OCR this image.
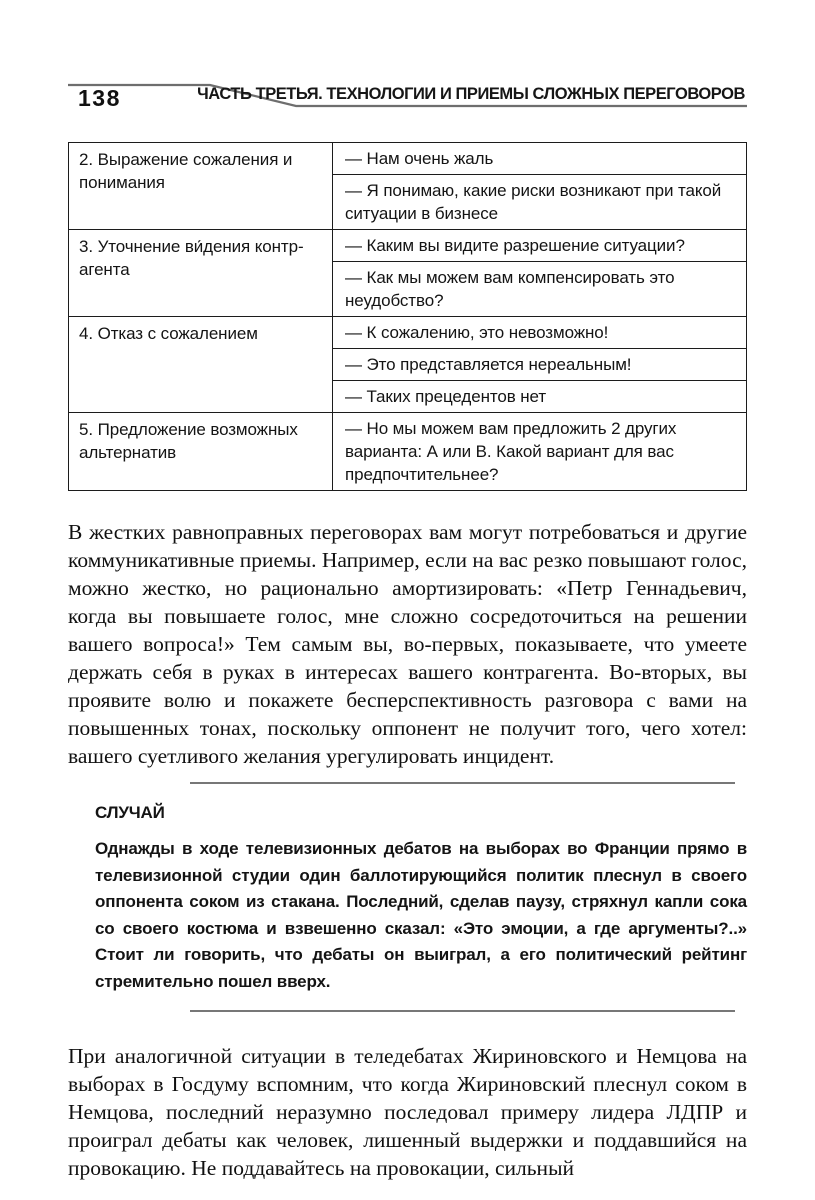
138	ЧАСТЬ ТРЕТЬЯ. ТЕХНОЛОГИИ И ПРИЕМЫ СЛОЖНЫХ ПЕРЕГОВОРОВ
2. Выражение сожаления и понимания
— Нам очень жаль
— Я понимаю, какие риски возникают при такой ситуации в бизнесе
3. Уточнение ви́дения контр-агента
— Каким вы видите разрешение ситуации?
— Как мы можем вам компенсировать это неудобство?
4. Отказ с сожалением	— К сожалению, это невозможно!
— Это представляется нереальным!
— Таких прецедентов нет
5. Предложение возможных альтернатив
— Но мы можем вам предложить 2 других варианта: А или В. Какой вариант для вас предпочтительнее?
В жестких равноправных переговорах вам могут потребоваться и другие коммуникативные приемы. Например, если на вас резко повышают голос, можно жестко, но рационально амортизировать: «Петр Геннадьевич, когда вы повышаете голос, мне сложно сосредоточиться на решении вашего вопроса!» Тем самым вы, во-первых, показываете, что умеете держать себя в руках в интересах вашего контрагента. Во-вторых, вы проявите волю и покажете бесперспективность разговора с вами на повышенных тонах, поскольку оппонент не получит того, чего хотел: вашего суетливого желания урегулировать инцидент.
СЛУЧАЙ
Однажды в ходе телевизионных дебатов на выборах во Франции прямо в телевизионной студии один баллотирующийся политик плеснул в своего оппонента соком из стакана. Последний, сделав паузу, стряхнул капли сока со своего костюма и взвешенно сказал: «Это эмоции, а где аргументы?..» Стоит ли говорить, что дебаты он выиграл, а его политический рейтинг стремительно пошел вверх.
При аналогичной ситуации в теледебатах Жириновского и Немцова на выборах в Госдуму вспомним, что когда Жириновский плеснул соком в Немцова, последний неразумно последовал примеру лидера ЛДПР и проиграл дебаты как человек, лишенный выдержки и поддавшийся на провокацию. Не поддавайтесь на провокации, сильный
